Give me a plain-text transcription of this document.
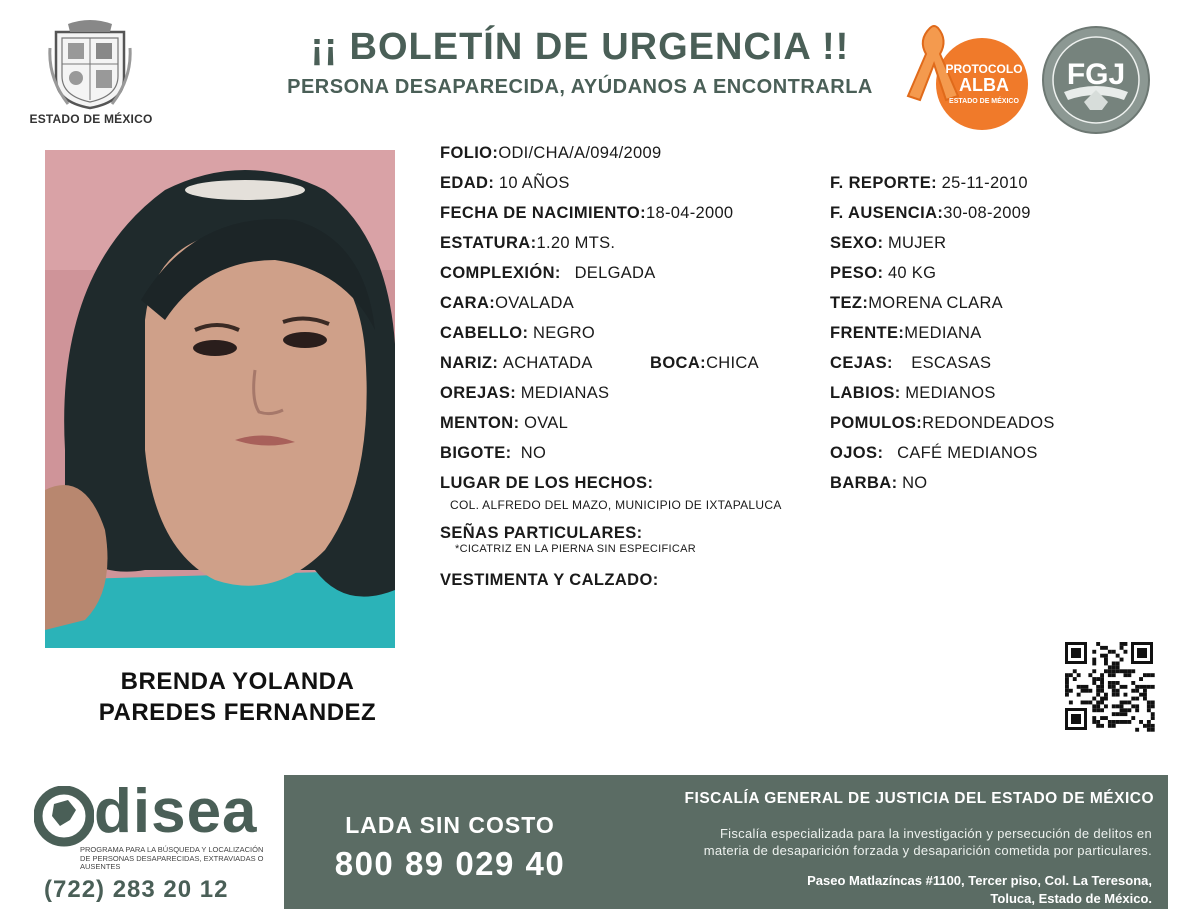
ESTADO DE MÉXICO
¡¡ BOLETÍN DE URGENCIA !!
PERSONA DESAPARECIDA, AYÚDANOS A ENCONTRARLA
PROTOCOLO
ALBA
ESTADO DE MÉXICO
FGJ
BRENDA YOLANDA
PAREDES FERNANDEZ
FOLIO:ODI/CHA/A/094/2009
EDAD: 10 AÑOS
FECHA DE NACIMIENTO:18-04-2000
ESTATURA:1.20 MTS.
COMPLEXIÓN: DELGADA
CARA:OVALADA
CABELLO: NEGRO
NARIZ: ACHATADA	BOCA:CHICA
OREJAS: MEDIANAS
MENTON: OVAL
BIGOTE: NO
LUGAR DE LOS HECHOS:
COL. ALFREDO DEL MAZO, MUNICIPIO DE IXTAPALUCA
SEÑAS PARTICULARES:
*CICATRIZ EN LA PIERNA SIN ESPECIFICAR
VESTIMENTA Y CALZADO:
F. REPORTE: 25-11-2010
F. AUSENCIA:30-08-2009
SEXO: MUJER
PESO: 40 KG
TEZ:MORENA CLARA
FRENTE:MEDIANA
CEJAS: ESCASAS
LABIOS: MEDIANOS
POMULOS:REDONDEADOS
OJOS: CAFÉ MEDIANOS
BARBA: NO
disea
PROGRAMA PARA LA BÚSQUEDA Y LOCALIZACIÓN DE PERSONAS DESAPARECIDAS, EXTRAVIADAS O AUSENTES
(722) 283 20 12
LADA SIN COSTO
800 89 029 40
FISCALÍA GENERAL DE JUSTICIA DEL ESTADO DE MÉXICO
Fiscalía especializada para la investigación y persecución de delitos en
materia de desaparición forzada y desaparición cometida por particulares.
Paseo Matlazíncas #1100, Tercer piso, Col. La Teresona,
Toluca, Estado de México.
